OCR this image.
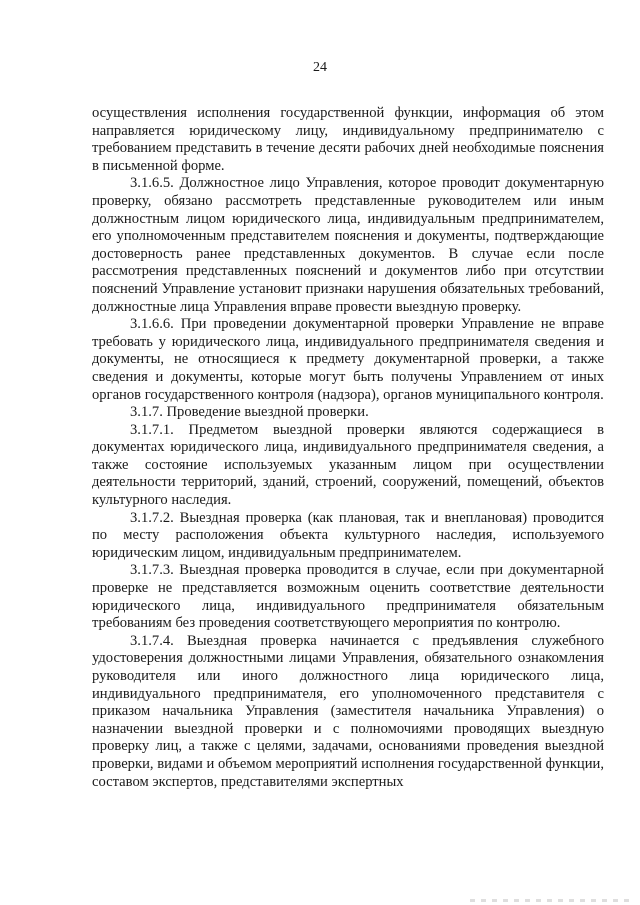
24

осуществления исполнения государственной функции, информация об этом направляется юридическому лицу, индивидуальному предпринимателю с требованием представить в течение десяти рабочих дней необходимые пояснения в письменной форме.

3.1.6.5. Должностное лицо Управления, которое проводит документарную проверку, обязано рассмотреть представленные руководителем или иным должностным лицом юридического лица, индивидуальным предпринимателем, его уполномоченным представителем пояснения и документы, подтверждающие достоверность ранее представленных документов. В случае если после рассмотрения представленных пояснений и документов либо при отсутствии пояснений Управление установит признаки нарушения обязательных требований, должностные лица Управления вправе провести выездную проверку.

3.1.6.6. При проведении документарной проверки Управление не вправе требовать у юридического лица, индивидуального предпринимателя сведения и документы, не относящиеся к предмету документарной проверки, а также сведения и документы, которые могут быть получены Управлением от иных органов государственного контроля (надзора), органов муниципального контроля.

3.1.7. Проведение выездной проверки.

3.1.7.1. Предметом выездной проверки являются содержащиеся в документах юридического лица, индивидуального предпринимателя сведения, а также состояние используемых указанным лицом при осуществлении деятельности территорий, зданий, строений, сооружений, помещений, объектов культурного наследия.

3.1.7.2. Выездная проверка (как плановая, так и внеплановая) проводится по месту расположения объекта культурного наследия, используемого юридическим лицом, индивидуальным предпринимателем.

3.1.7.3. Выездная проверка проводится в случае, если при документарной проверке не представляется возможным оценить соответствие деятельности юридического лица, индивидуального предпринимателя обязательным требованиям без проведения соответствующего мероприятия по контролю.

3.1.7.4. Выездная проверка начинается с предъявления служебного удостоверения должностными лицами Управления, обязательного ознакомления руководителя или иного должностного лица юридического лица, индивидуального предпринимателя, его уполномоченного представителя с приказом начальника Управления (заместителя начальника Управления) о назначении выездной проверки и с полномочиями проводящих выездную проверку лиц, а также с целями, задачами, основаниями проведения выездной проверки, видами и объемом мероприятий исполнения государственной функции, составом экспертов, представителями экспертных
